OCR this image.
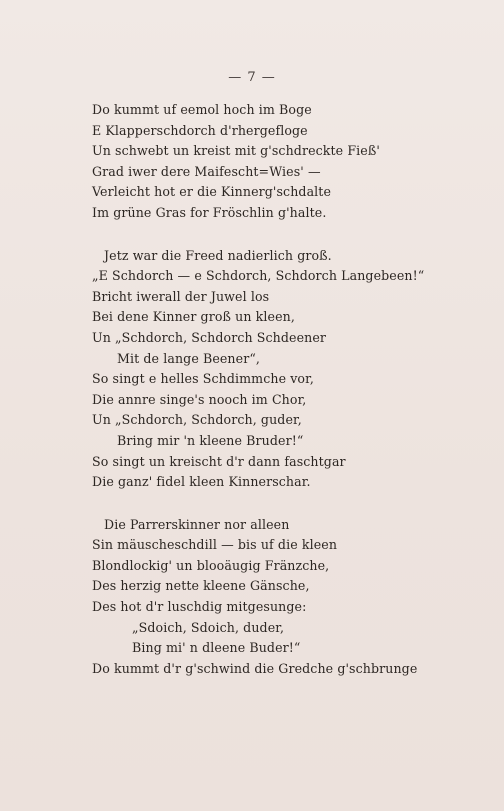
— 7 —
Do kummt uf eemol hoch im Boge
E Klapperschdorch d'rhergefloge
Un schwebt un kreist mit g'schdreckte Fieß'
Grad iwer dere Maifescht=Wies' —
Verleicht hot er die Kinnerg'schdalte
Im grüne Gras for Fröschlin g'halte.
Jetz war die Freed nadierlich groß.
„E Schdorch — e Schdorch, Schdorch Langebeen!“
Bricht iwerall der Juwel los
Bei dene Kinner groß un kleen,
Un „Schdorch, Schdorch Schdeener
Mit de lange Beener“,
So singt e helles Schdimmche vor,
Die annre singe's nooch im Chor,
Un „Schdorch, Schdorch, guder,
Bring mir 'n kleene Bruder!“
So singt un kreischt d'r dann faschtgar
Die ganz' fidel kleen Kinnerschar.
Die Parrerskinner nor alleen
Sin mäuscheschdill — bis uf die kleen
Blondlockig' un blooäugig Fränzche,
Des herzig nette kleene Gänsche,
Des hot d'r luschdig mitgesunge:
„Sdoich, Sdoich, duder,
Bing mi' n dleene Buder!“
Do kummt d'r g'schwind die Gredche g'schbrunge
